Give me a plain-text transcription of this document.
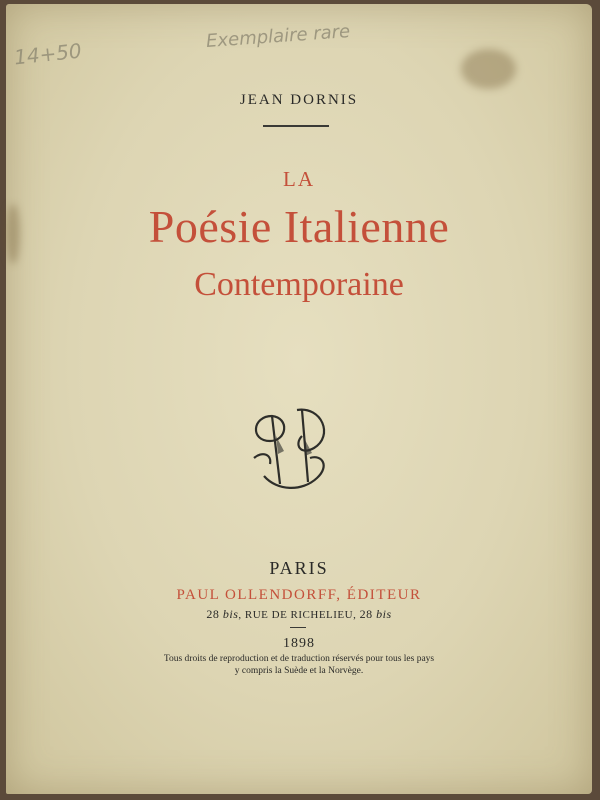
14+50
Exemplaire rare
JEAN DORNIS
LA
Poésie Italienne
Contemporaine
PARIS
PAUL OLLENDORFF, ÉDITEUR
28 bis, RUE DE RICHELIEU, 28 bis
1898
Tous droits de reproduction et de traduction réservés pour tous les pays
y compris la Suède et la Norvège.
